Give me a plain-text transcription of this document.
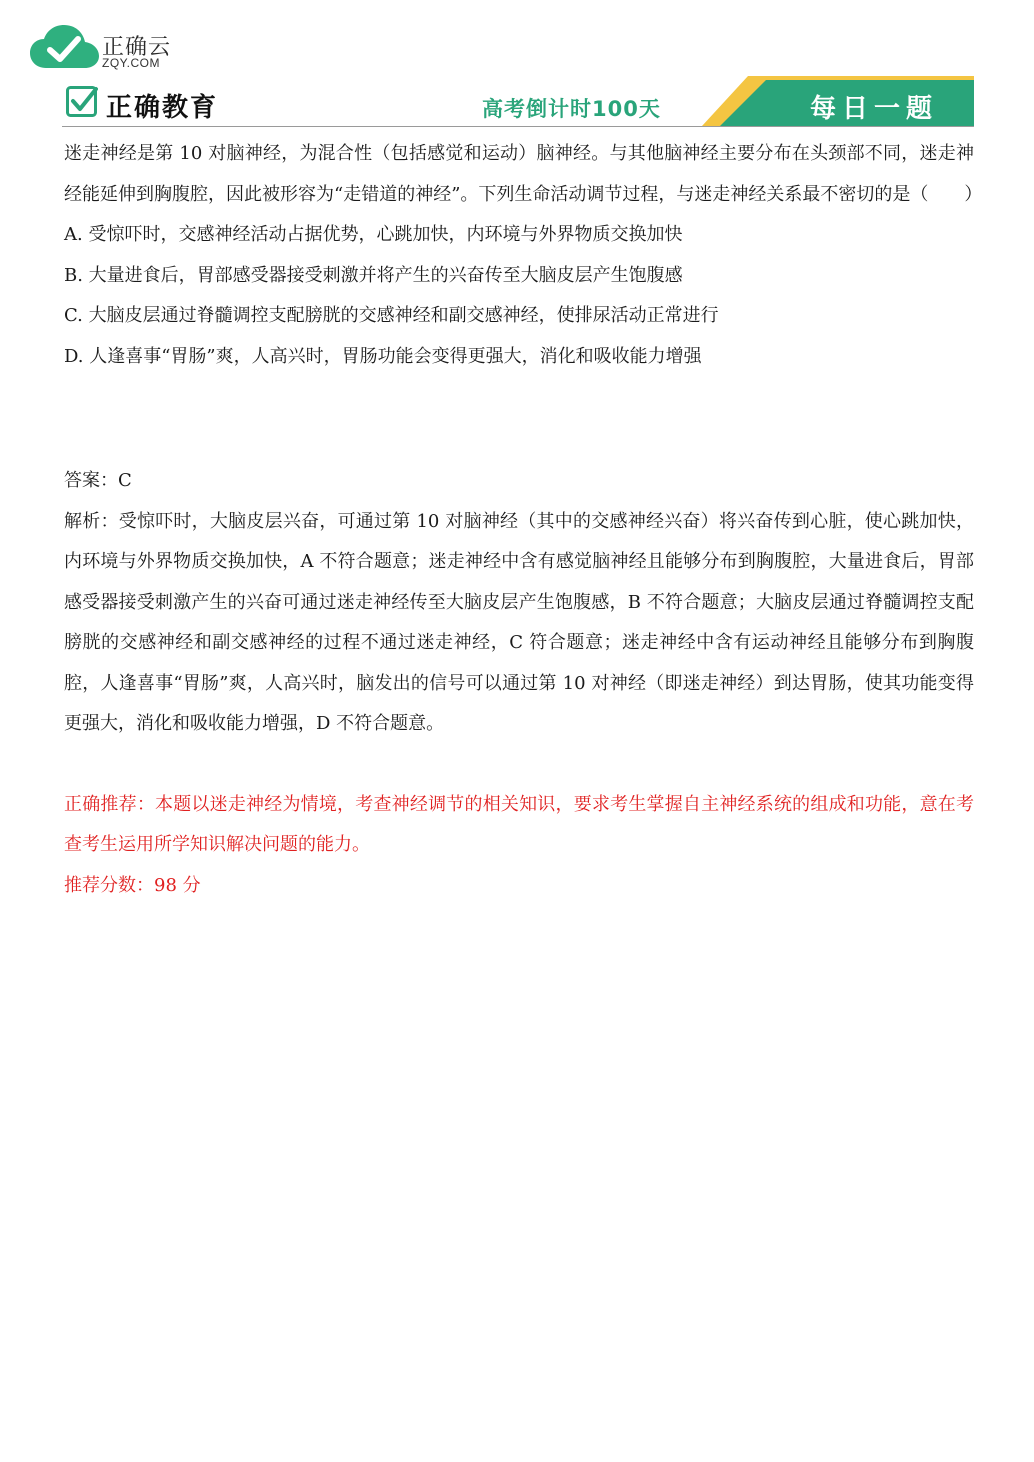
正确云
ZQY.COM
正确教育	高考倒计时100天	每日一题

迷走神经是第 10 对脑神经，为混合性（包括感觉和运动）脑神经。与其他脑神经主要分布在头颈部不同，迷走神经能延伸到胸腹腔，因此被形容为“走错道的神经”。下列生命活动调节过程，与迷走神经关系最不密切的是（　　）

A. 受惊吓时，交感神经活动占据优势，心跳加快，内环境与外界物质交换加快

B. 大量进食后，胃部感受器接受刺激并将产生的兴奋传至大脑皮层产生饱腹感

C. 大脑皮层通过脊髓调控支配膀胱的交感神经和副交感神经，使排尿活动正常进行

D. 人逢喜事“胃肠”爽，人高兴时，胃肠功能会变得更强大，消化和吸收能力增强

答案：C

解析：受惊吓时，大脑皮层兴奋，可通过第 10 对脑神经（其中的交感神经兴奋）将兴奋传到心脏，使心跳加快，内环境与外界物质交换加快，A 不符合题意；迷走神经中含有感觉脑神经且能够分布到胸腹腔，大量进食后，胃部感受器接受刺激产生的兴奋可通过迷走神经传至大脑皮层产生饱腹感，B 不符合题意；大脑皮层通过脊髓调控支配膀胱的交感神经和副交感神经的过程不通过迷走神经，C 符合题意；迷走神经中含有运动神经且能够分布到胸腹腔，人逢喜事“胃肠”爽，人高兴时，脑发出的信号可以通过第 10 对神经（即迷走神经）到达胃肠，使其功能变得更强大，消化和吸收能力增强，D 不符合题意。

正确推荐：本题以迷走神经为情境，考查神经调节的相关知识，要求考生掌握自主神经系统的组成和功能，意在考查考生运用所学知识解决问题的能力。

推荐分数：98 分
